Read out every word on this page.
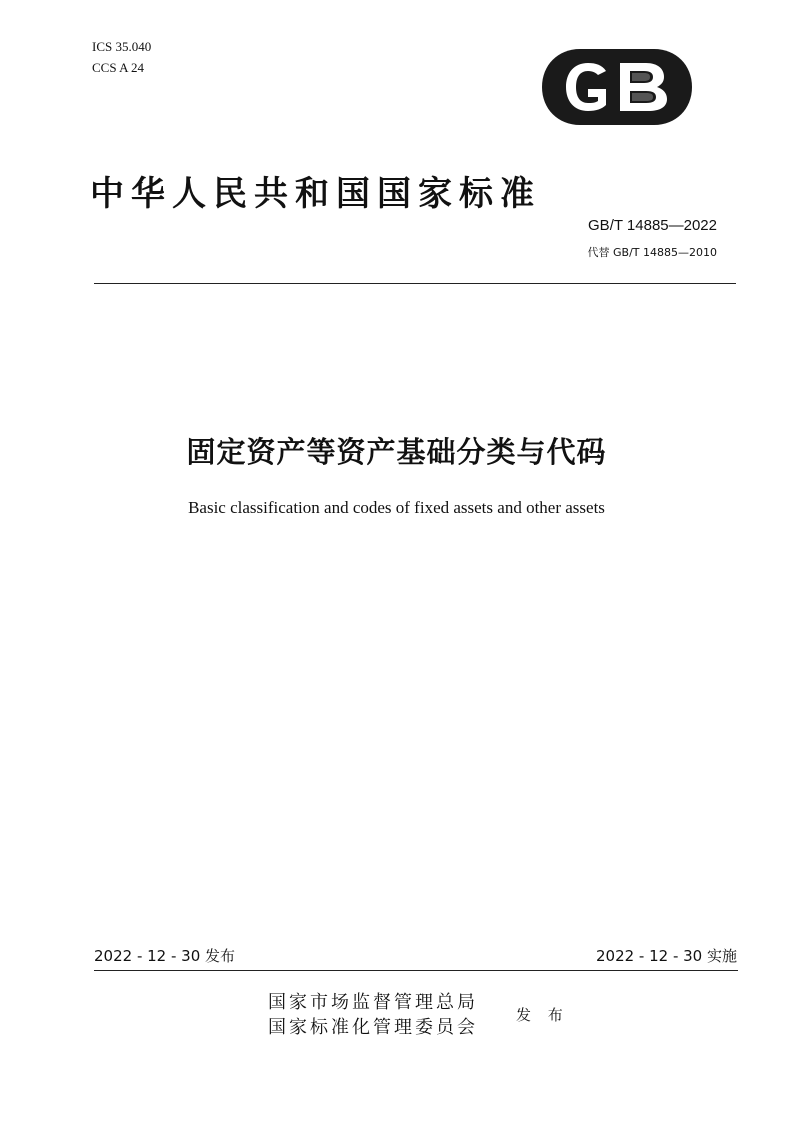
ICS 35.040
CCS A 24
中华人民共和国国家标准
GB/T 14885—2022
代替 GB/T 14885—2010
固定资产等资产基础分类与代码
Basic classification and codes of fixed assets and other assets
2022 - 12 - 30 发布	2022 - 12 - 30 实施
国家市场监督管理总局
国家标准化管理委员会
发 布
